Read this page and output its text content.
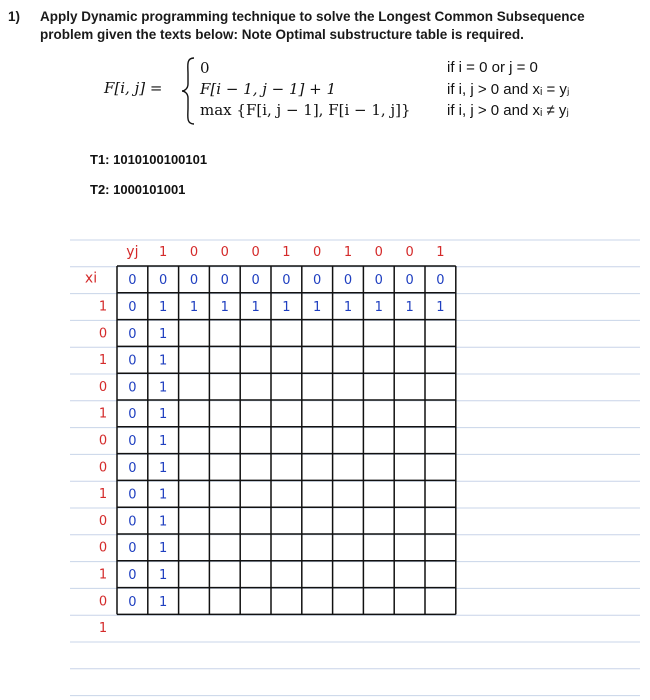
1) Apply Dynamic programming technique to solve the Longest Common Subsequence problem given the texts below: Note Optimal substructure table is required.
F[i, j] =
0
F[i − 1, j − 1] + 1
max {F[i, j − 1], F[i − 1, j]}
if i = 0 or j = 0
if i, j > 0 and xᵢ = yⱼ
if i, j > 0 and xᵢ ≠ yⱼ
T1: 1010100100101
T2: 1000101001
yj
xi
1 0 0 0 1 0 1 0 0 1
1
0
1
0
1
0
0
1
0
0
1
0
1
0 0 0 0 0 0 0 0 0 0 0
0 1 1 1 1 1 1 1 1 1 1
0
0
0
0
0
0
0
0
0
0
0
1
1
1
1
1
1
1
1
1
1
1
